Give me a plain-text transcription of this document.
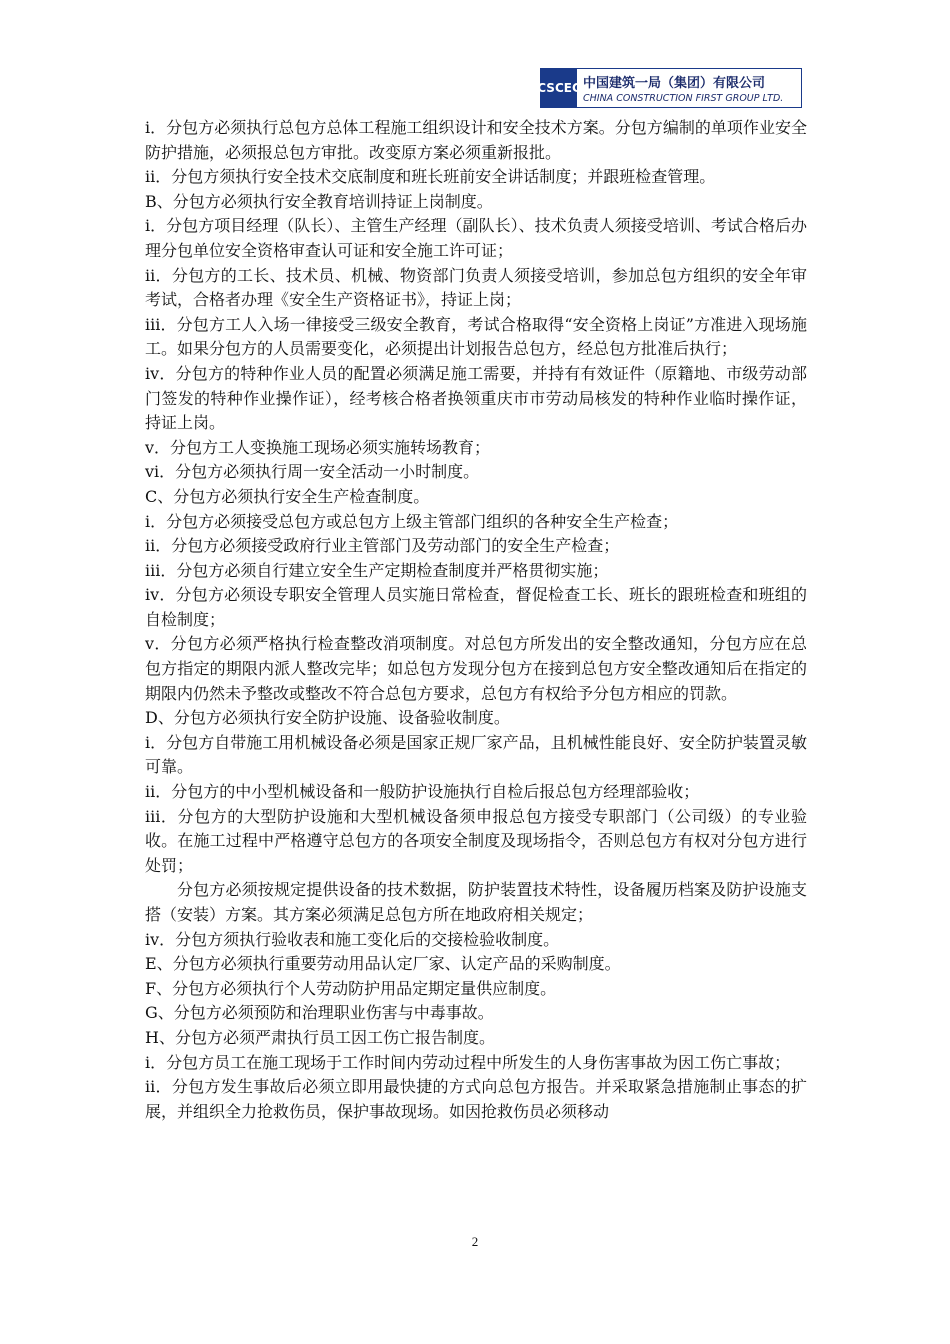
CSCEC 中国建筑一局（集团）有限公司
CHINA CONSTRUCTION FIRST GROUP LTD.

i．分包方必须执行总包方总体工程施工组织设计和安全技术方案。分包方编制的单项作业安全防护措施，必须报总包方审批。改变原方案必须重新报批。

ii．分包方须执行安全技术交底制度和班长班前安全讲话制度；并跟班检查管理。

B、分包方必须执行安全教育培训持证上岗制度。

i．分包方项目经理（队长）、主管生产经理（副队长）、技术负责人须接受培训、考试合格后办理分包单位安全资格审查认可证和安全施工许可证；

ii．分包方的工长、技术员、机械、物资部门负责人须接受培训，参加总包方组织的安全年审考试，合格者办理《安全生产资格证书》，持证上岗；

iii．分包方工人入场一律接受三级安全教育，考试合格取得“安全资格上岗证”方准进入现场施工。如果分包方的人员需要变化，必须提出计划报告总包方，经总包方批准后执行；

iv．分包方的特种作业人员的配置必须满足施工需要，并持有有效证件（原籍地、市级劳动部门签发的特种作业操作证），经考核合格者换领重庆市市劳动局核发的特种作业临时操作证，持证上岗。

v．分包方工人变换施工现场必须实施转场教育；

vi．分包方必须执行周一安全活动一小时制度。

C、分包方必须执行安全生产检查制度。

i．分包方必须接受总包方或总包方上级主管部门组织的各种安全生产检查；

ii．分包方必须接受政府行业主管部门及劳动部门的安全生产检查；

iii．分包方必须自行建立安全生产定期检查制度并严格贯彻实施；

iv．分包方必须设专职安全管理人员实施日常检查，督促检查工长、班长的跟班检查和班组的自检制度；

v．分包方必须严格执行检查整改消项制度。对总包方所发出的安全整改通知，分包方应在总包方指定的期限内派人整改完毕；如总包方发现分包方在接到总包方安全整改通知后在指定的期限内仍然未予整改或整改不符合总包方要求，总包方有权给予分包方相应的罚款。

D、分包方必须执行安全防护设施、设备验收制度。

i．分包方自带施工用机械设备必须是国家正规厂家产品，且机械性能良好、安全防护装置灵敏可靠。

ii．分包方的中小型机械设备和一般防护设施执行自检后报总包方经理部验收；

iii．分包方的大型防护设施和大型机械设备须申报总包方接受专职部门（公司级）的专业验收。在施工过程中严格遵守总包方的各项安全制度及现场指令，否则总包方有权对分包方进行处罚；

分包方必须按规定提供设备的技术数据，防护装置技术特性，设备履历档案及防护设施支搭（安装）方案。其方案必须满足总包方所在地政府相关规定；

iv．分包方须执行验收表和施工变化后的交接检验收制度。

E、分包方必须执行重要劳动用品认定厂家、认定产品的采购制度。

F、分包方必须执行个人劳动防护用品定期定量供应制度。

G、分包方必须预防和治理职业伤害与中毒事故。

H、分包方必须严肃执行员工因工伤亡报告制度。

i．分包方员工在施工现场于工作时间内劳动过程中所发生的人身伤害事故为因工伤亡事故；

ii．分包方发生事故后必须立即用最快捷的方式向总包方报告。并采取紧急措施制止事态的扩展，并组织全力抢救伤员，保护事故现场。如因抢救伤员必须移动

2
